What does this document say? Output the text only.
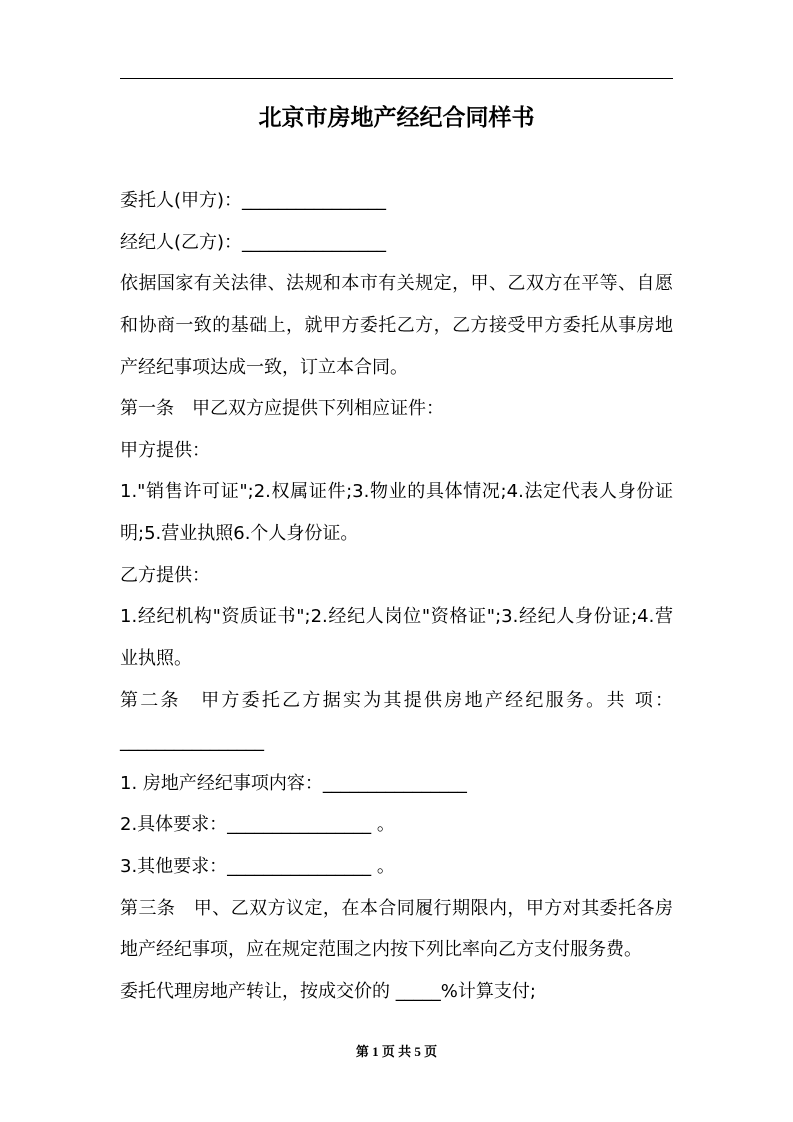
北京市房地产经纪合同样书
委托人(甲方)：________________
经纪人(乙方)：________________
依据国家有关法律、法规和本市有关规定，甲、乙双方在平等、自愿
和协商一致的基础上，就甲方委托乙方，乙方接受甲方委托从事房地
产经纪事项达成一致，订立本合同。
第一条　甲乙双方应提供下列相应证件：
甲方提供：
1."销售许可证";2.权属证件;3.物业的具体情况;4.法定代表人身份证
明;5.营业执照6.个人身份证。
乙方提供：
1.经纪机构"资质证书";2.经纪人岗位"资格证";3.经纪人身份证;4.营
业执照。
第二条　甲方委托乙方据实为其提供房地产经纪服务。共 项：
________________
1. 房地产经纪事项内容：________________
2.具体要求：________________ 。
3.其他要求：________________ 。
第三条　甲、乙双方议定，在本合同履行期限内，甲方对其委托各房
地产经纪事项，应在规定范围之内按下列比率向乙方支付服务费。
委托代理房地产转让，按成交价的 _____%计算支付;
第 1 页 共 5 页
